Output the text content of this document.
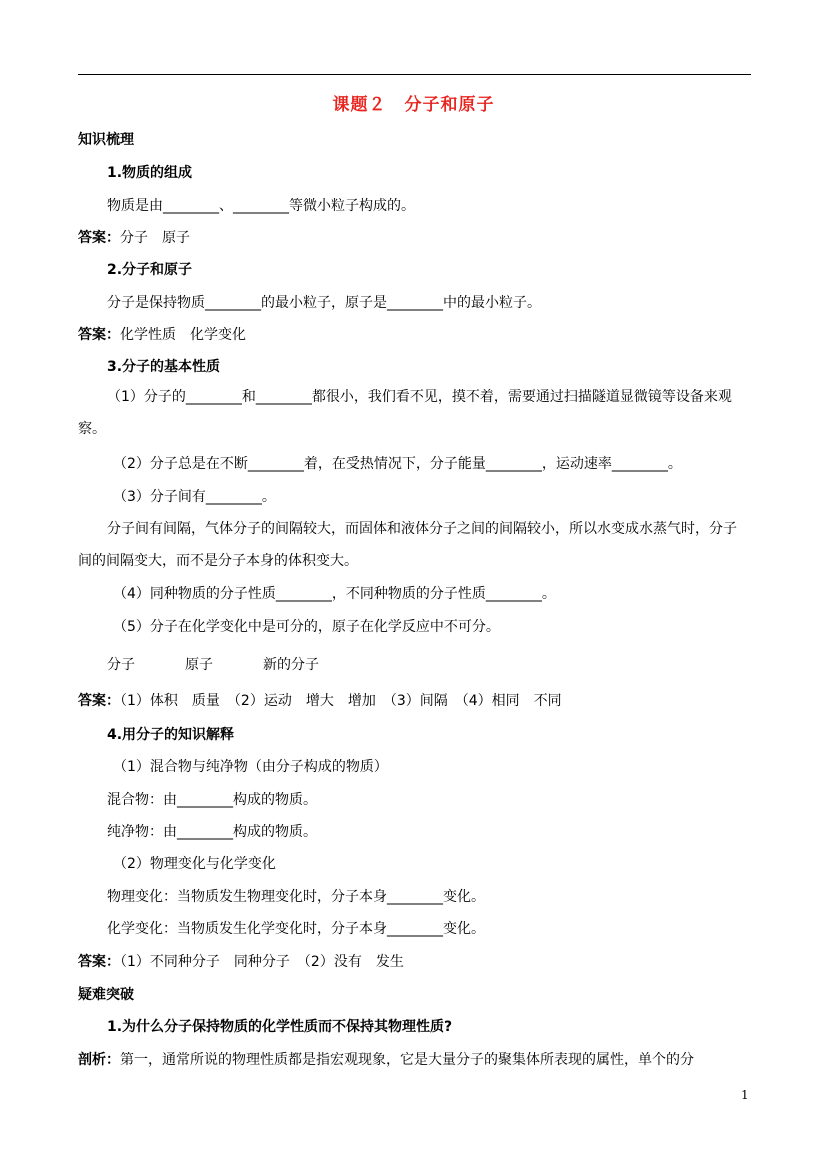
课题２　分子和原子
知识梳理
1.物质的组成
物质是由________、________等微小粒子构成的。
答案：分子　原子
2.分子和原子
分子是保持物质________的最小粒子，原子是________中的最小粒子。
答案：化学性质　化学变化
3.分子的基本性质
（1）分子的________和________都很小，我们看不见，摸不着，需要通过扫描隧道显微镜等设备来观察。
（2）分子总是在不断________着，在受热情况下，分子能量________，运动速率________。
（3）分子间有________。
分子间有间隔，气体分子的间隔较大，而固体和液体分子之间的间隔较小，所以水变成水蒸气时，分子间的间隔变大，而不是分子本身的体积变大。
（4）同种物质的分子性质________，不同种物质的分子性质________。
（5）分子在化学变化中是可分的，原子在化学反应中不可分。
分子	原子	新的分子
答案：（1）体积　质量　（2）运动　增大　增加　（3）间隔　（4）相同　不同
4.用分子的知识解释
（1）混合物与纯净物（由分子构成的物质）
混合物：由________构成的物质。
纯净物：由________构成的物质。
（2）物理变化与化学变化
物理变化：当物质发生物理变化时，分子本身________变化。
化学变化：当物质发生化学变化时，分子本身________变化。
答案：（1）不同种分子　同种分子　（2）没有　发生
疑难突破
1.为什么分子保持物质的化学性质而不保持其物理性质?
剖析：第一，通常所说的物理性质都是指宏观现象，它是大量分子的聚集体所表现的属性，单个的分
1
